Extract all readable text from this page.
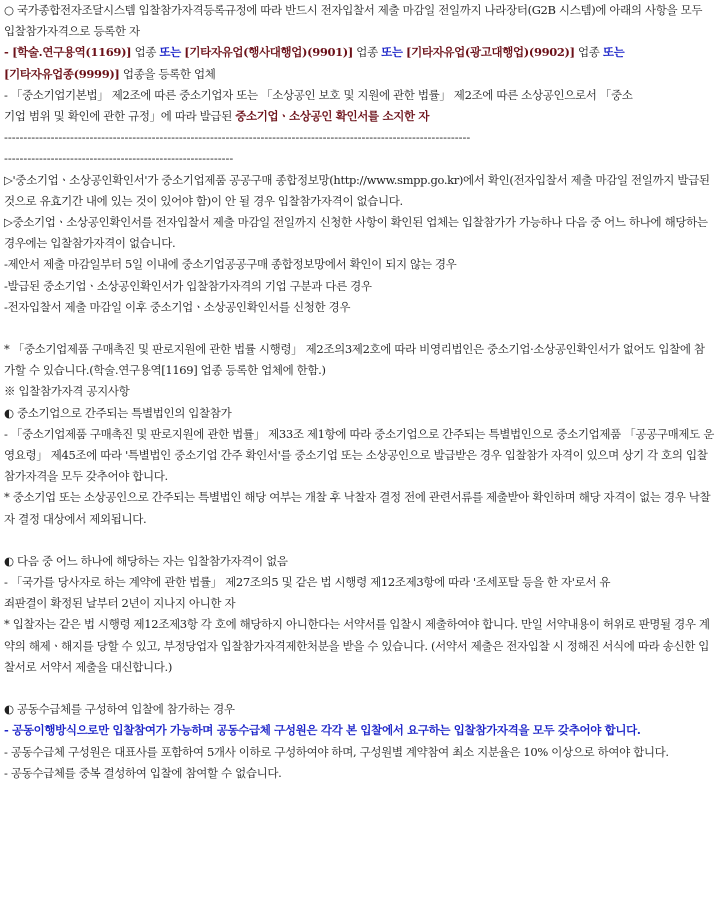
○ 국가종합전자조달시스템 입찰참가자격등록규정에 따라 반드시 전자입찰서 제출 마감일 전일까지 나라장터(G2B 시스템)에 아래의 사항을 모두 입찰참가자격으로 등록한 자
- [학술.연구용역(1169)] 업종 또는 [기타자유업(행사대행업)(9901)] 업종 또는 [기타자유업(광고대행업)(9902)] 업종 또는
[기타자유업종(9999)] 업종을 등록한 업체
- 「중소기업기본법」 제2조에 따른 중소기업자 또는 「소상공인 보호 및 지원에 관한 법률」 제2조에 따른 소상공인으로서 「중소
기업 범위 및 확인에 관한 규정」에 따라 발급된 중소기업ㆍ소상공인 확인서를 소지한 자
------------------------------------------------------------------------------------------------------------------------
-----------------------------------------------------------
▷'중소기업ㆍ소상공인확인서'가 중소기업제품 공공구매 종합정보망(http://www.smpp.go.kr)에서 확인(전자입찰서 제출 마감일 전일까지 발급된 것으로 유효기간 내에 있는 것이 있어야 함)이 안 될 경우 입찰참가자격이 없습니다.
▷중소기업ㆍ소상공인확인서를 전자입찰서 제출 마감일 전일까지 신청한 사항이 확인된 업체는 입찰참가가 가능하나 다음 중 어느 하나에 해당하는 경우에는 입찰참가자격이 없습니다.
-제안서 제출 마감일부터 5일 이내에 중소기업공공구매 종합정보망에서 확인이 되지 않는 경우
-발급된 중소기업ㆍ소상공인확인서가 입찰참가자격의 기업 구분과 다른 경우
-전자입찰서 제출 마감일 이후 중소기업ㆍ소상공인확인서를 신청한 경우
* 「중소기업제품 구매촉진 및 판로지원에 관한 법률 시행령」 제2조의3제2호에 따라 비영리법인은 중소기업·소상공인확인서가 없어도 입찰에 참가할 수 있습니다.(학술.연구용역[1169] 업종 등록한 업체에 한함.)
※ 입찰참가자격 공지사항
◐ 중소기업으로 간주되는 특별법인의 입찰참가
- 「중소기업제품 구매촉진 및 판로지원에 관한 법률」 제33조 제1항에 따라 중소기업으로 간주되는 특별법인으로 중소기업제품 「공공구매제도 운영요령」 제45조에 따라 '특별법인 중소기업 간주 확인서'를 중소기업 또는 소상공인으로 발급받은 경우 입찰참가 자격이 있으며 상기 각 호의 입찰참가자격을 모두 갖추어야 합니다.
* 중소기업 또는 소상공인으로 간주되는 특별법인 해당 여부는 개찰 후 낙찰자 결정 전에 관련서류를 제출받아 확인하며 해당 자격이 없는 경우 낙찰자 결정 대상에서 제외됩니다.
◐ 다음 중 어느 하나에 해당하는 자는 입찰참가자격이 없음
- 「국가를 당사자로 하는 계약에 관한 법률」 제27조의5 및 같은 법 시행령 제12조제3항에 따라 '조세포탈 등을 한 자'로서 유
죄판결이 확정된 날부터 2년이 지나지 아니한 자
* 입찰자는 같은 법 시행령 제12조제3항 각 호에 해당하지 아니한다는 서약서를 입찰시 제출하여야 합니다. 만일 서약내용이 허위로 판명될 경우 계약의 해제ㆍ해지를 당할 수 있고, 부정당업자 입찰참가자격제한처분을 받을 수 있습니다. (서약서 제출은 전자입찰 시 정해진 서식에 따라 송신한 입찰서로 서약서 제출을 대신합니다.)
◐ 공동수급체를 구성하여 입찰에 참가하는 경우
- 공동이행방식으로만 입찰참여가 가능하며 공동수급체 구성원은 각각 본 입찰에서 요구하는 입찰참가자격을 모두 갖추어야 합니다.
- 공동수급체 구성원은 대표사를 포함하여 5개사 이하로 구성하여야 하며, 구성원별 계약참여 최소 지분율은 10% 이상으로 하여야 합니다.
- 공동수급체를 중복 결성하여 입찰에 참여할 수 없습니다.
